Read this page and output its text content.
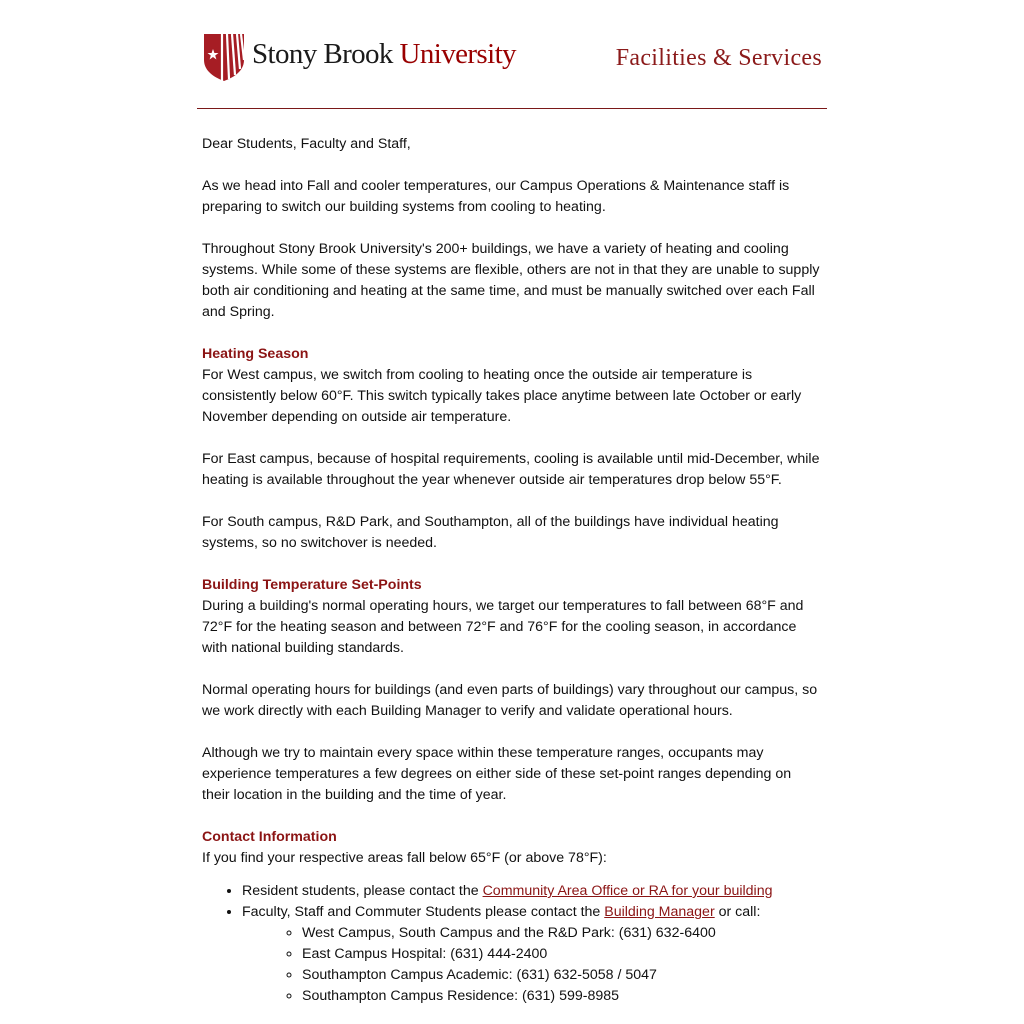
Stony Brook University	Facilities & Services

Dear Students, Faculty and Staff,

As we head into Fall and cooler temperatures, our Campus Operations & Maintenance staff is preparing to switch our building systems from cooling to heating.

Throughout Stony Brook University's 200+ buildings, we have a variety of heating and cooling systems. While some of these systems are flexible, others are not in that they are unable to supply both air conditioning and heating at the same time, and must be manually switched over each Fall and Spring.

Heating Season

For West campus, we switch from cooling to heating once the outside air temperature is consistently below 60°F. This switch typically takes place anytime between late October or early November depending on outside air temperature.

For East campus, because of hospital requirements, cooling is available until mid-December, while heating is available throughout the year whenever outside air temperatures drop below 55°F.

For South campus, R&D Park, and Southampton, all of the buildings have individual heating systems, so no switchover is needed.

Building Temperature Set-Points

During a building's normal operating hours, we target our temperatures to fall between 68°F and 72°F for the heating season and between 72°F and 76°F for the cooling season, in accordance with national building standards.

Normal operating hours for buildings (and even parts of buildings) vary throughout our campus, so we work directly with each Building Manager to verify and validate operational hours.

Although we try to maintain every space within these temperature ranges, occupants may experience temperatures a few degrees on either side of these set-point ranges depending on their location in the building and the time of year.

Contact Information

If you find your respective areas fall below 65°F (or above 78°F):

• Resident students, please contact the Community Area Office or RA for your building
• Faculty, Staff and Commuter Students please contact the Building Manager or call:
◦ West Campus, South Campus and the R&D Park: (631) 632-6400
◦ East Campus Hospital: (631) 444-2400
◦ Southampton Campus Academic: (631) 632-5058 / 5047
◦ Southampton Campus Residence: (631) 599-8985
